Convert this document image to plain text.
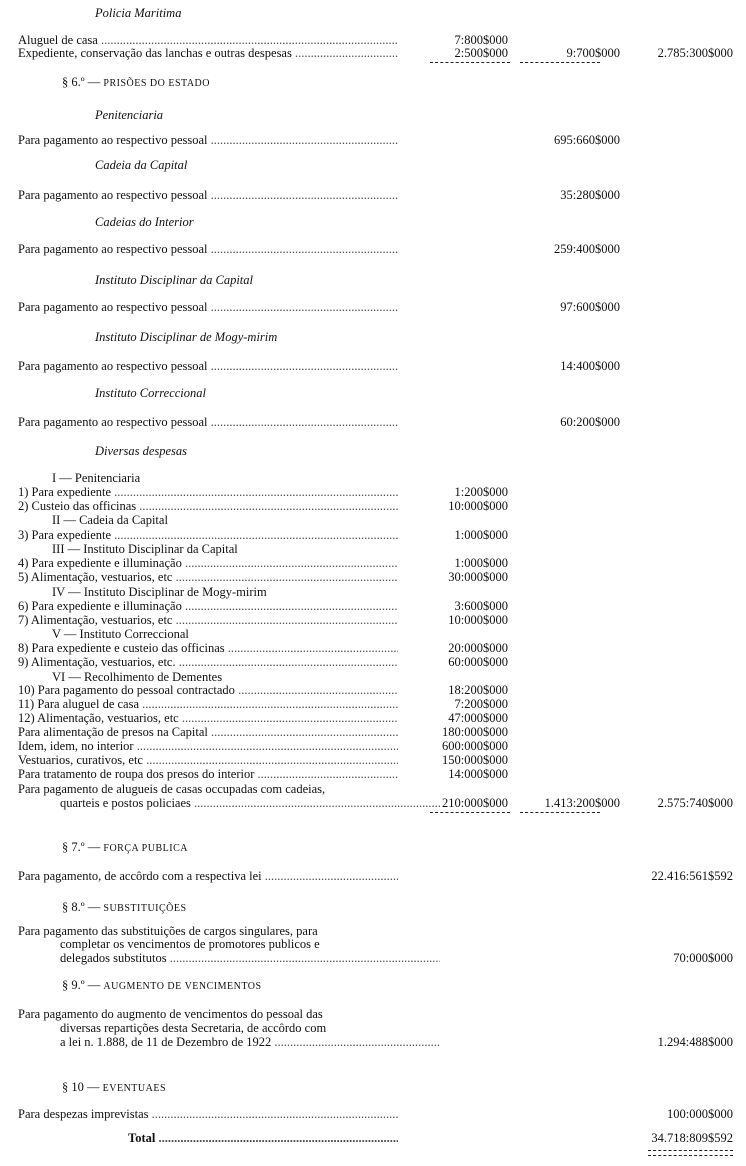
Policia Maritima
Aluguel de casa .....	7:800$000
Expediente, conservação das lanchas e outras despesas .....	2:500$000	9:700$000	2.785:300$000
§ 6.º — PRISÕES DO ESTADO
Penitenciaria
Para pagamento ao respectivo pessoal .....	695:660$000
Cadeia da Capital
Para pagamento ao respectivo pessoal .....	35:280$000
Cadeias do Interior
Para pagamento ao respectivo pessoal .....	259:400$000
Instituto Disciplinar da Capital
Para pagamento ao respectivo pessoal .....	97:600$000
Instituto Disciplinar de Mogy-mirim
Para pagamento ao respectivo pessoal .....	14:400$000
Instituto Correccional
Para pagamento ao respectivo pessoal .....	60:200$000
Diversas despesas
I — Penitenciaria
1) Para expediente .....	1:200$000
2) Custeio das officinas .....	10:000$000
II — Cadeia da Capital
3) Para expediente .....	1:000$000
III — Instituto Disciplinar da Capital
4) Para expediente e illuminação .....	1:000$000
5) Alimentação, vestuarios, etc .....	30:000$000
IV — Instituto Disciplinar de Mogy-mirim
6) Para expediente e illuminação .....	3:600$000
7) Alimentação, vestuarios, etc .....	10:000$000
V — Instituto Correccional
8) Para expediente e custeio das officinas .....	20:000$000
9) Alimentação, vestuarios, etc. .....	60:000$000
VI — Recolhimento de Dementes
10) Para pagamento do pessoal contractado .....	18:200$000
11) Para aluguel de casa .....	7:200$000
12) Alimentação, vestuarios, etc .....	47:000$000
Para alimentação de presos na Capital .....	180:000$000
Idem, idem, no interior .....	600:000$000
Vestuarios, curativos, etc .....	150:000$000
Para tratamento de roupa dos presos do interior .....	14:000$000
Para pagamento de alugueis de casas occupadas com cadeias,
quarteis e postos policiaes .....	210:000$000	1.413:200$000	2.575:740$000
§ 7.º — FORÇA PUBLICA
Para pagamento, de accôrdo com a respectiva lei .....	22.416:561$592
§ 8.º — SUBSTITUIÇÕES
Para pagamento das substituições de cargos singulares, para
completar os vencimentos de promotores publicos e
delegados substitutos .....	70:000$000
§ 9.º — AUGMENTO DE VENCIMENTOS
Para pagamento do augmento de vencimentos do pessoal das
diversas repartições desta Secretaria, de accôrdo com
a lei n. 1.888, de 11 de Dezembro de 1922 .....	1.294:488$000
§ 10 — EVENTUAES
Para despezas imprevistas .....	100:000$000
Total .....	34.718:809$592
